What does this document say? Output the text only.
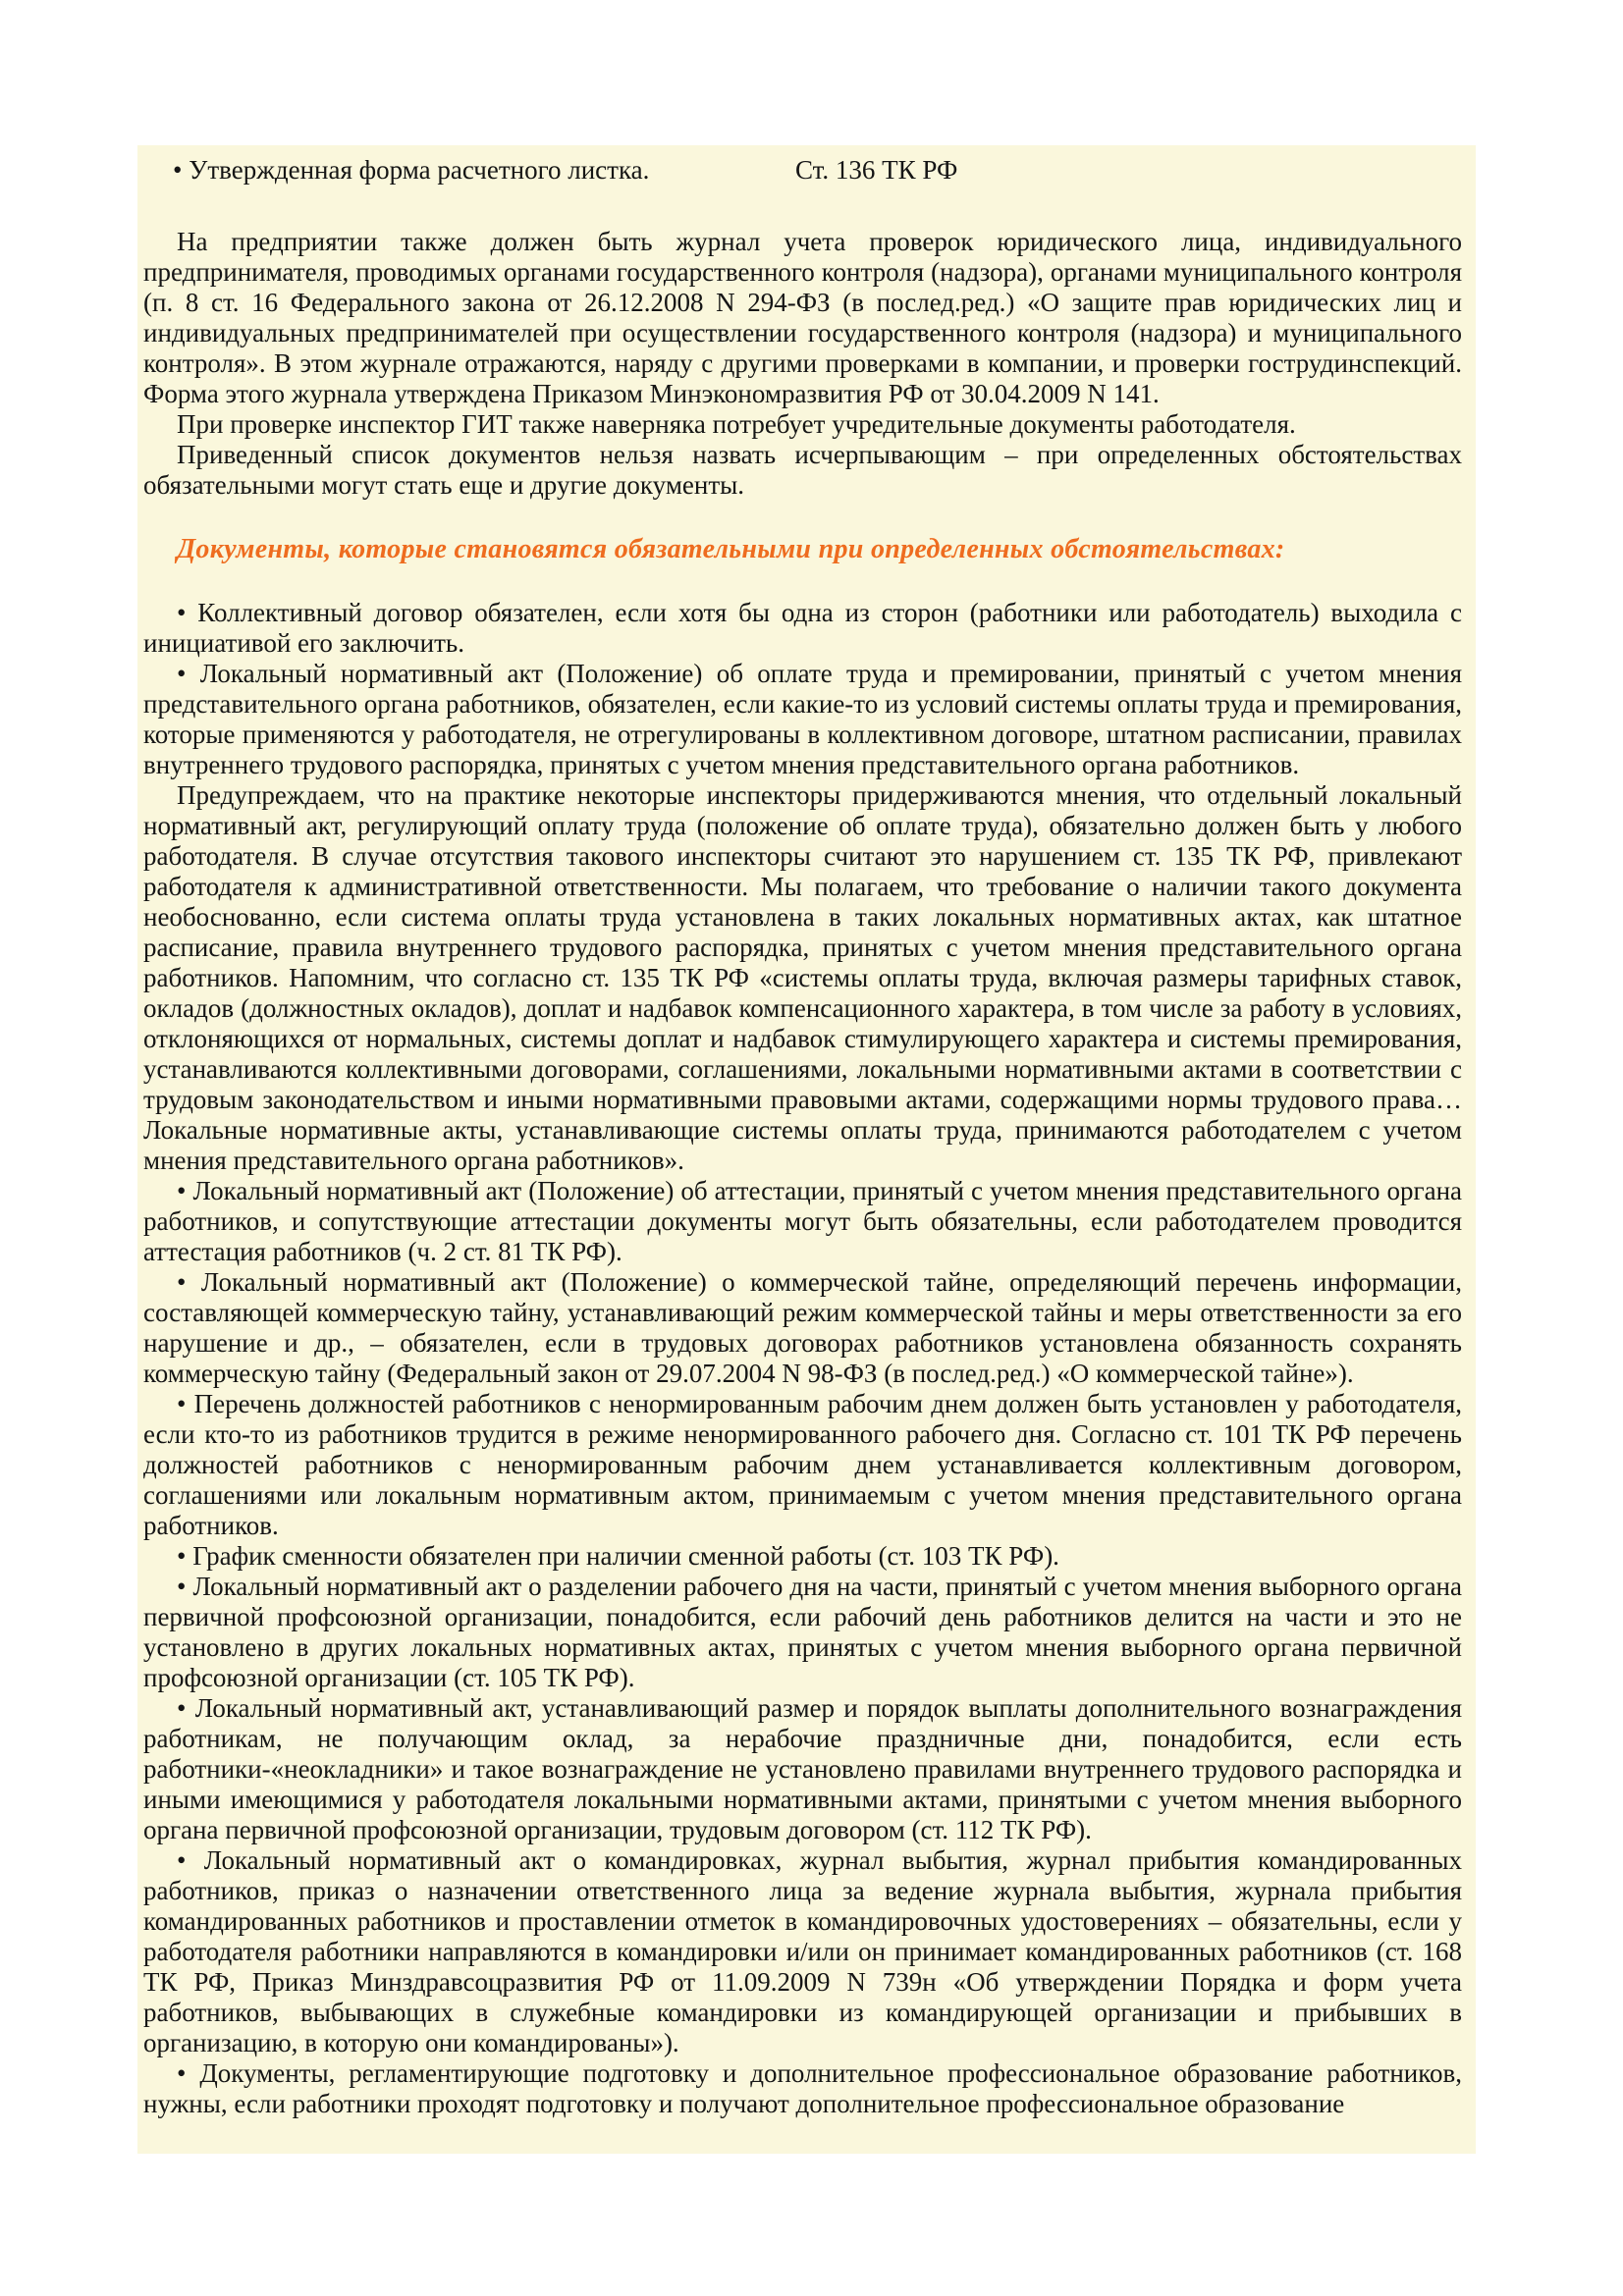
• Утвержденная форма расчетного листка.	Ст. 136 ТК РФ

На предприятии также должен быть журнал учета проверок юридического лица, индивидуального предпринимателя, проводимых органами государственного контроля (надзора), органами муниципального контроля (п. 8 ст. 16 Федерального закона от 26.12.2008 N 294-ФЗ (в послед.ред.) «О защите прав юридических лиц и индивидуальных предпринимателей при осуществлении государственного контроля (надзора) и муниципального контроля». В этом журнале отражаются, наряду с другими проверками в компании, и проверки гострудинспекций. Форма этого журнала утверждена Приказом Минэкономразвития РФ от 30.04.2009 N 141.

При проверке инспектор ГИТ также наверняка потребует учредительные документы работодателя.

Приведенный список документов нельзя назвать исчерпывающим – при определенных обстоятельствах обязательными могут стать еще и другие документы.

Документы, которые становятся обязательными при определенных обстоятельствах:

• Коллективный договор обязателен, если хотя бы одна из сторон (работники или работодатель) выходила с инициативой его заключить.

• Локальный нормативный акт (Положение) об оплате труда и премировании, принятый с учетом мнения представительного органа работников, обязателен, если какие-то из условий системы оплаты труда и премирования, которые применяются у работодателя, не отрегулированы в коллективном договоре, штатном расписании, правилах внутреннего трудового распорядка, принятых с учетом мнения представительного органа работников.

Предупреждаем, что на практике некоторые инспекторы придерживаются мнения, что отдельный локальный нормативный акт, регулирующий оплату труда (положение об оплате труда), обязательно должен быть у любого работодателя. В случае отсутствия такового инспекторы считают это нарушением ст. 135 ТК РФ, привлекают работодателя к административной ответственности. Мы полагаем, что требование о наличии такого документа необоснованно, если система оплаты труда установлена в таких локальных нормативных актах, как штатное расписание, правила внутреннего трудового распорядка, принятых с учетом мнения представительного органа работников. Напомним, что согласно ст. 135 ТК РФ «системы оплаты труда, включая размеры тарифных ставок, окладов (должностных окладов), доплат и надбавок компенсационного характера, в том числе за работу в условиях, отклоняющихся от нормальных, системы доплат и надбавок стимулирующего характера и системы премирования, устанавливаются коллективными договорами, соглашениями, локальными нормативными актами в соответствии с трудовым законодательством и иными нормативными правовыми актами, содержащими нормы трудового права… Локальные нормативные акты, устанавливающие системы оплаты труда, принимаются работодателем с учетом мнения представительного органа работников».

• Локальный нормативный акт (Положение) об аттестации, принятый с учетом мнения представительного органа работников, и сопутствующие аттестации документы могут быть обязательны, если работодателем проводится аттестация работников (ч. 2 ст. 81 ТК РФ).

• Локальный нормативный акт (Положение) о коммерческой тайне, определяющий перечень информации, составляющей коммерческую тайну, устанавливающий режим коммерческой тайны и меры ответственности за его нарушение и др., – обязателен, если в трудовых договорах работников установлена обязанность сохранять коммерческую тайну (Федеральный закон от 29.07.2004 N 98-ФЗ (в послед.ред.) «О коммерческой тайне»).

• Перечень должностей работников с ненормированным рабочим днем должен быть установлен у работодателя, если кто-то из работников трудится в режиме ненормированного рабочего дня. Согласно ст. 101 ТК РФ перечень должностей работников с ненормированным рабочим днем устанавливается коллективным договором, соглашениями или локальным нормативным актом, принимаемым с учетом мнения представительного органа работников.

• График сменности обязателен при наличии сменной работы (ст. 103 ТК РФ).

• Локальный нормативный акт о разделении рабочего дня на части, принятый с учетом мнения выборного органа первичной профсоюзной организации, понадобится, если рабочий день работников делится на части и это не установлено в других локальных нормативных актах, принятых с учетом мнения выборного органа первичной профсоюзной организации (ст. 105 ТК РФ).

• Локальный нормативный акт, устанавливающий размер и порядок выплаты дополнительного вознаграждения работникам, не получающим оклад, за нерабочие праздничные дни, понадобится, если есть работники-«неокладники» и такое вознаграждение не установлено правилами внутреннего трудового распорядка и иными имеющимися у работодателя локальными нормативными актами, принятыми с учетом мнения выборного органа первичной профсоюзной организации, трудовым договором (ст. 112 ТК РФ).

• Локальный нормативный акт о командировках, журнал выбытия, журнал прибытия командированных работников, приказ о назначении ответственного лица за ведение журнала выбытия, журнала прибытия командированных работников и проставлении отметок в командировочных удостоверениях – обязательны, если у работодателя работники направляются в командировки и/или он принимает командированных работников (ст. 168 ТК РФ, Приказ Минздравсоцразвития РФ от 11.09.2009 N 739н «Об утверждении Порядка и форм учета работников, выбывающих в служебные командировки из командирующей организации и прибывших в организацию, в которую они командированы»).

• Документы, регламентирующие подготовку и дополнительное профессиональное образование работников, нужны, если работники проходят подготовку и получают дополнительное профессиональное образование
